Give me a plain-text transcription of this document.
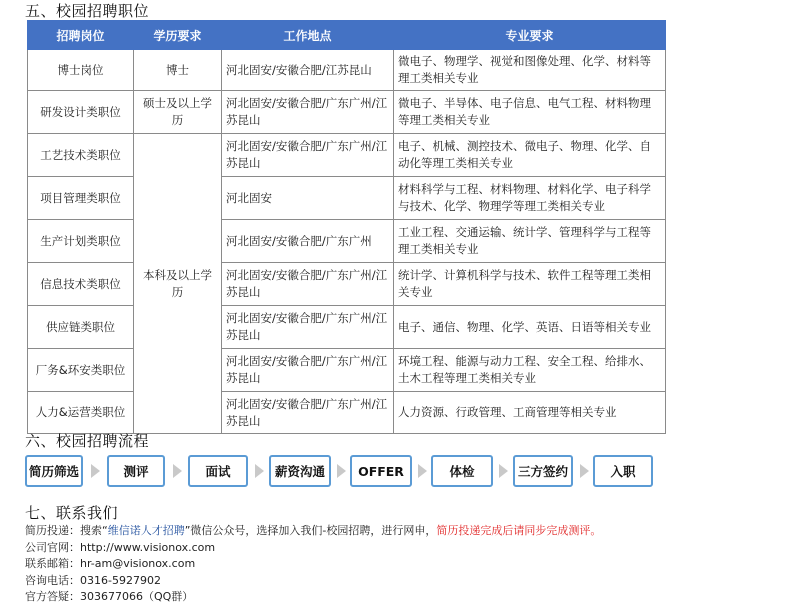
五、校园招聘职位
招聘岗位	学历要求	工作地点	专业要求
博士岗位	博士	河北固安/安徽合肥/江苏昆山	微电子、物理学、视觉和图像处理、化学、材料等理工类相关专业
研发设计类职位	硕士及以上学历	河北固安/安徽合肥/广东广州/江苏昆山	微电子、半导体、电子信息、电气工程、材料物理等理工类相关专业
工艺技术类职位	本科及以上学历	河北固安/安徽合肥/广东广州/江苏昆山	电子、机械、测控技术、微电子、物理、化学、自动化等理工类相关专业
项目管理类职位		河北固安	材料科学与工程、材料物理、材料化学、电子科学与技术、化学、物理学等理工类相关专业
生产计划类职位		河北固安/安徽合肥/广东广州	工业工程、交通运输、统计学、管理科学与工程等理工类相关专业
信息技术类职位		河北固安/安徽合肥/广东广州/江苏昆山	统计学、计算机科学与技术、软件工程等理工类相关专业
供应链类职位		河北固安/安徽合肥/广东广州/江苏昆山	电子、通信、物理、化学、英语、日语等相关专业
厂务&环安类职位		河北固安/安徽合肥/广东广州/江苏昆山	环境工程、能源与动力工程、安全工程、给排水、土木工程等理工类相关专业
人力&运营类职位		河北固安/安徽合肥/广东广州/江苏昆山	人力资源、行政管理、工商管理等相关专业
六、校园招聘流程
简历筛选	测评	面试	薪资沟通	OFFER	体检	三方签约	入职
七、联系我们
简历投递：搜索“维信诺人才招聘”微信公众号，选择加入我们-校园招聘，进行网申，简历投递完成后请同步完成测评。
公司官网：http://www.visionox.com
联系邮箱：hr-am@visionox.com
咨询电话：0316-5927902
官方答疑：303677066（QQ群）
